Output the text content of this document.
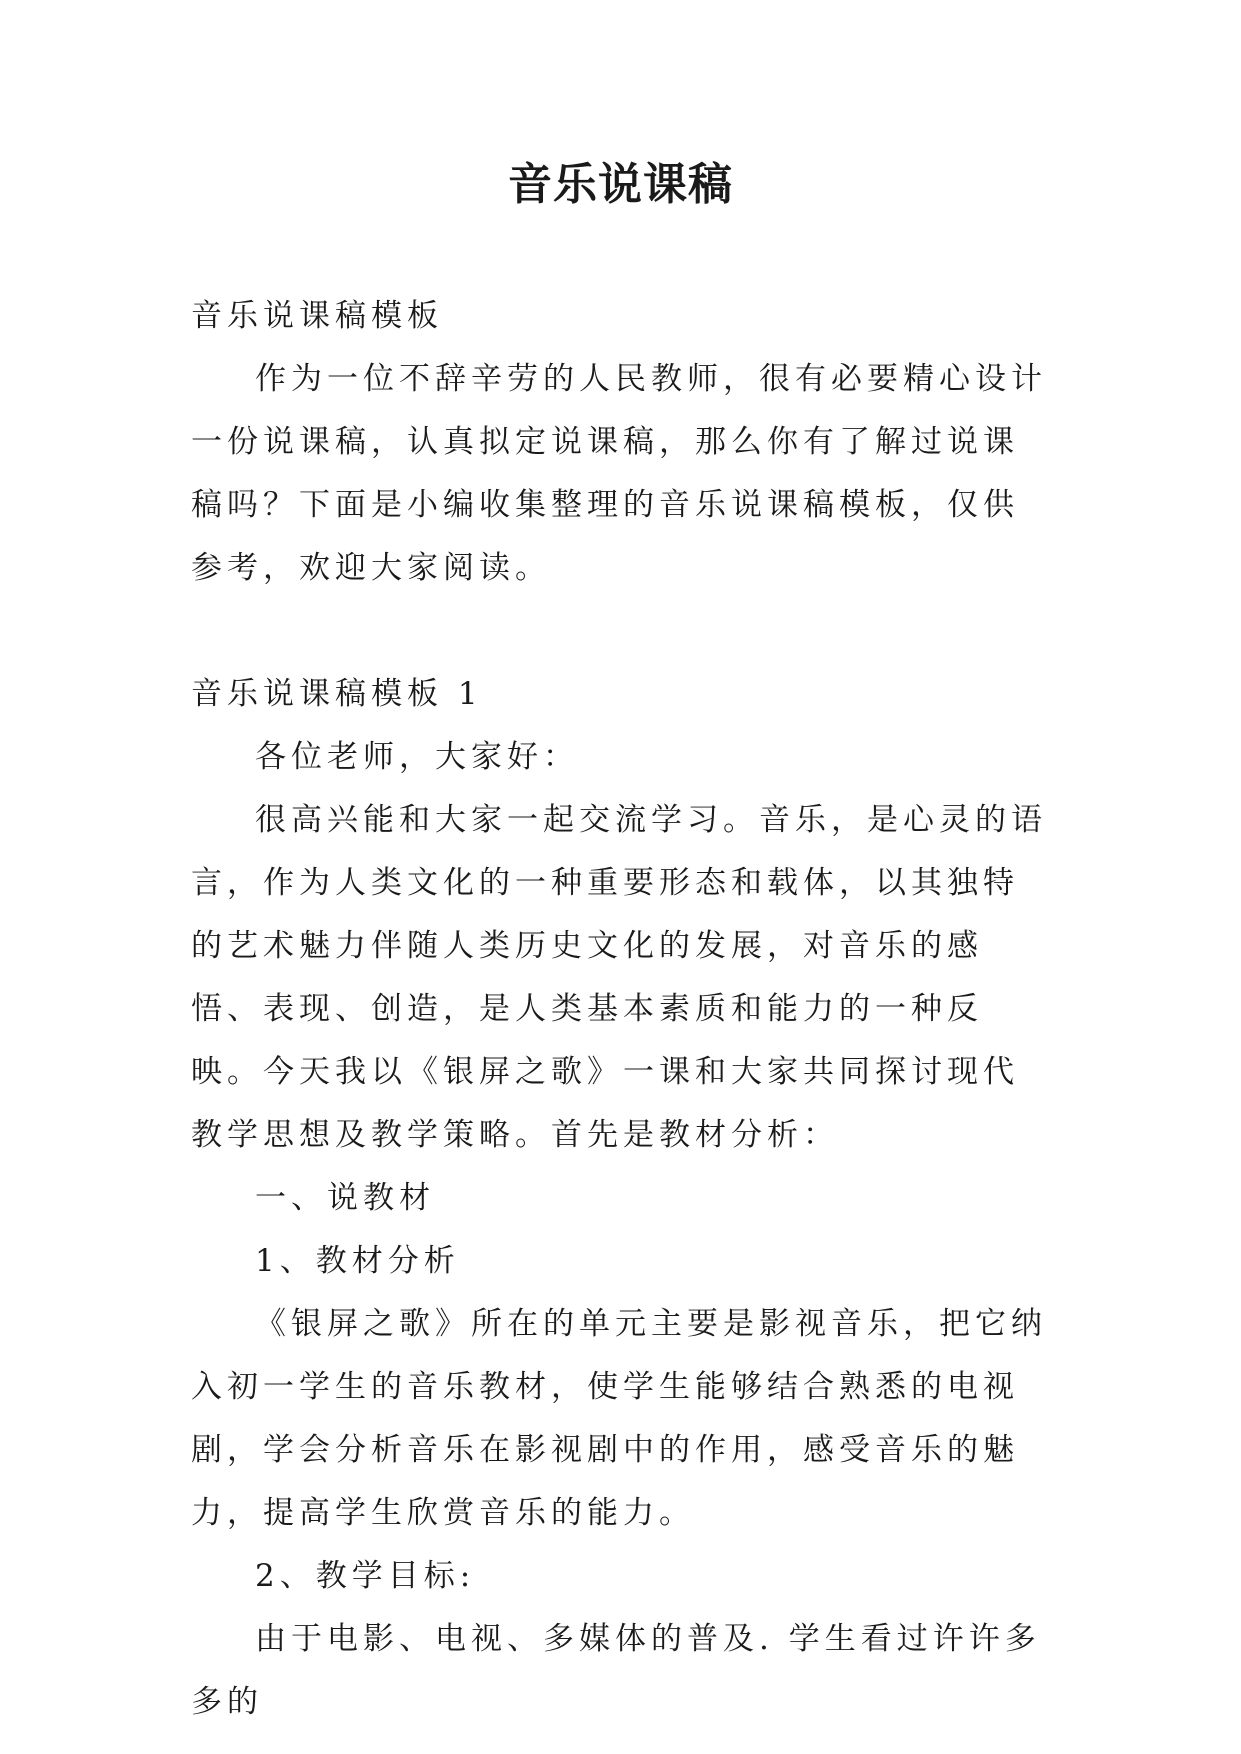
音乐说课稿

音乐说课稿模板

作为一位不辞辛劳的人民教师，很有必要精心设计一份说课稿，认真拟定说课稿，那么你有了解过说课稿吗？下面是小编收集整理的音乐说课稿模板，仅供参考，欢迎大家阅读。

音乐说课稿模板 1

各位老师，大家好：

很高兴能和大家一起交流学习。音乐，是心灵的语言，作为人类文化的一种重要形态和载体，以其独特的艺术魅力伴随人类历史文化的发展，对音乐的感悟、表现、创造，是人类基本素质和能力的一种反映。今天我以《银屏之歌》一课和大家共同探讨现代教学思想及教学策略。首先是教材分析：

一、说教材

1、教材分析

《银屏之歌》所在的单元主要是影视音乐，把它纳入初一学生的音乐教材，使学生能够结合熟悉的电视剧，学会分析音乐在影视剧中的作用，感受音乐的魅力，提高学生欣赏音乐的能力。

2、教学目标:

由于电影、电视、多媒体的普及. 学生看过许许多多的
